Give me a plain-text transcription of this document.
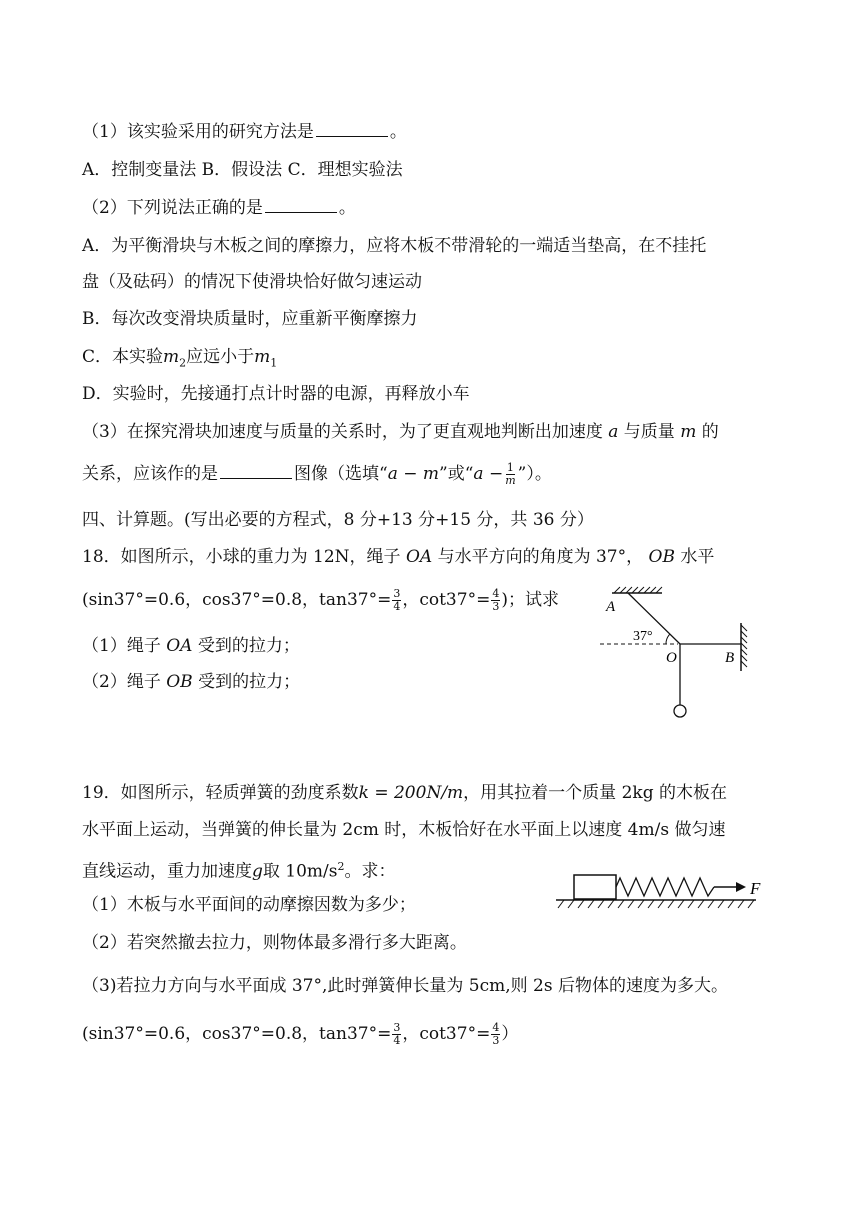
（1）该实验采用的研究方法是	。
A．控制变量法 B．假设法 C．理想实验法
（2）下列说法正确的是	。
A．为平衡滑块与木板之间的摩擦力，应将木板不带滑轮的一端适当垫高，在不挂托
盘（及砝码）的情况下使滑块恰好做匀速运动
B．每次改变滑块质量时，应重新平衡摩擦力
C．本实验$m_2$应远小于$m_1$
D．实验时，先接通打点计时器的电源，再释放小车
（3）在探究滑块加速度与质量的关系时，为了更直观地判断出加速度 a 与质量 m 的
关系，应该作的是	图像（选填“a − m”或“$a - \frac{1}{m}$ ”）。
四、计算题。(写出必要的方程式，8 分+13 分+15 分，共 36 分）
18．如图所示，小球的重力为 12N，绳子 OA 与水平方向的角度为 37°， OB 水平
(sin37°=0.6，cos37°=0.8，$\tan 37^\circ= \frac{3}{4}$ ，$\cot 37^\circ= \frac{4}{3}$ )；试求
（1）绳子 OA 受到的拉力；
（2）绳子 OB 受到的拉力；
A
37°
O	B
19．如图所示，轻质弹簧的劲度系数k = 200N/m，用其拉着一个质量 2kg 的木板在
水平面上运动，当弹簧的伸长量为 2cm 时，木板恰好在水平面上以速度 4m/s 做匀速
直线运动，重力加速度g取 $10m/s^2$。求：
（1）木板与水平面间的动摩擦因数为多少；
（2）若突然撤去拉力，则物体最多滑行多大距离。
（3)若拉力方向与水平面成 37°,此时弹簧伸长量为 5cm,则 2s 后物体的速度为多大。
(sin37°=0.6，cos37°=0.8，$\tan 37^\circ= \frac{3}{4}$ ，$\cot 37^\circ= \frac{4}{3}$ ）
F
